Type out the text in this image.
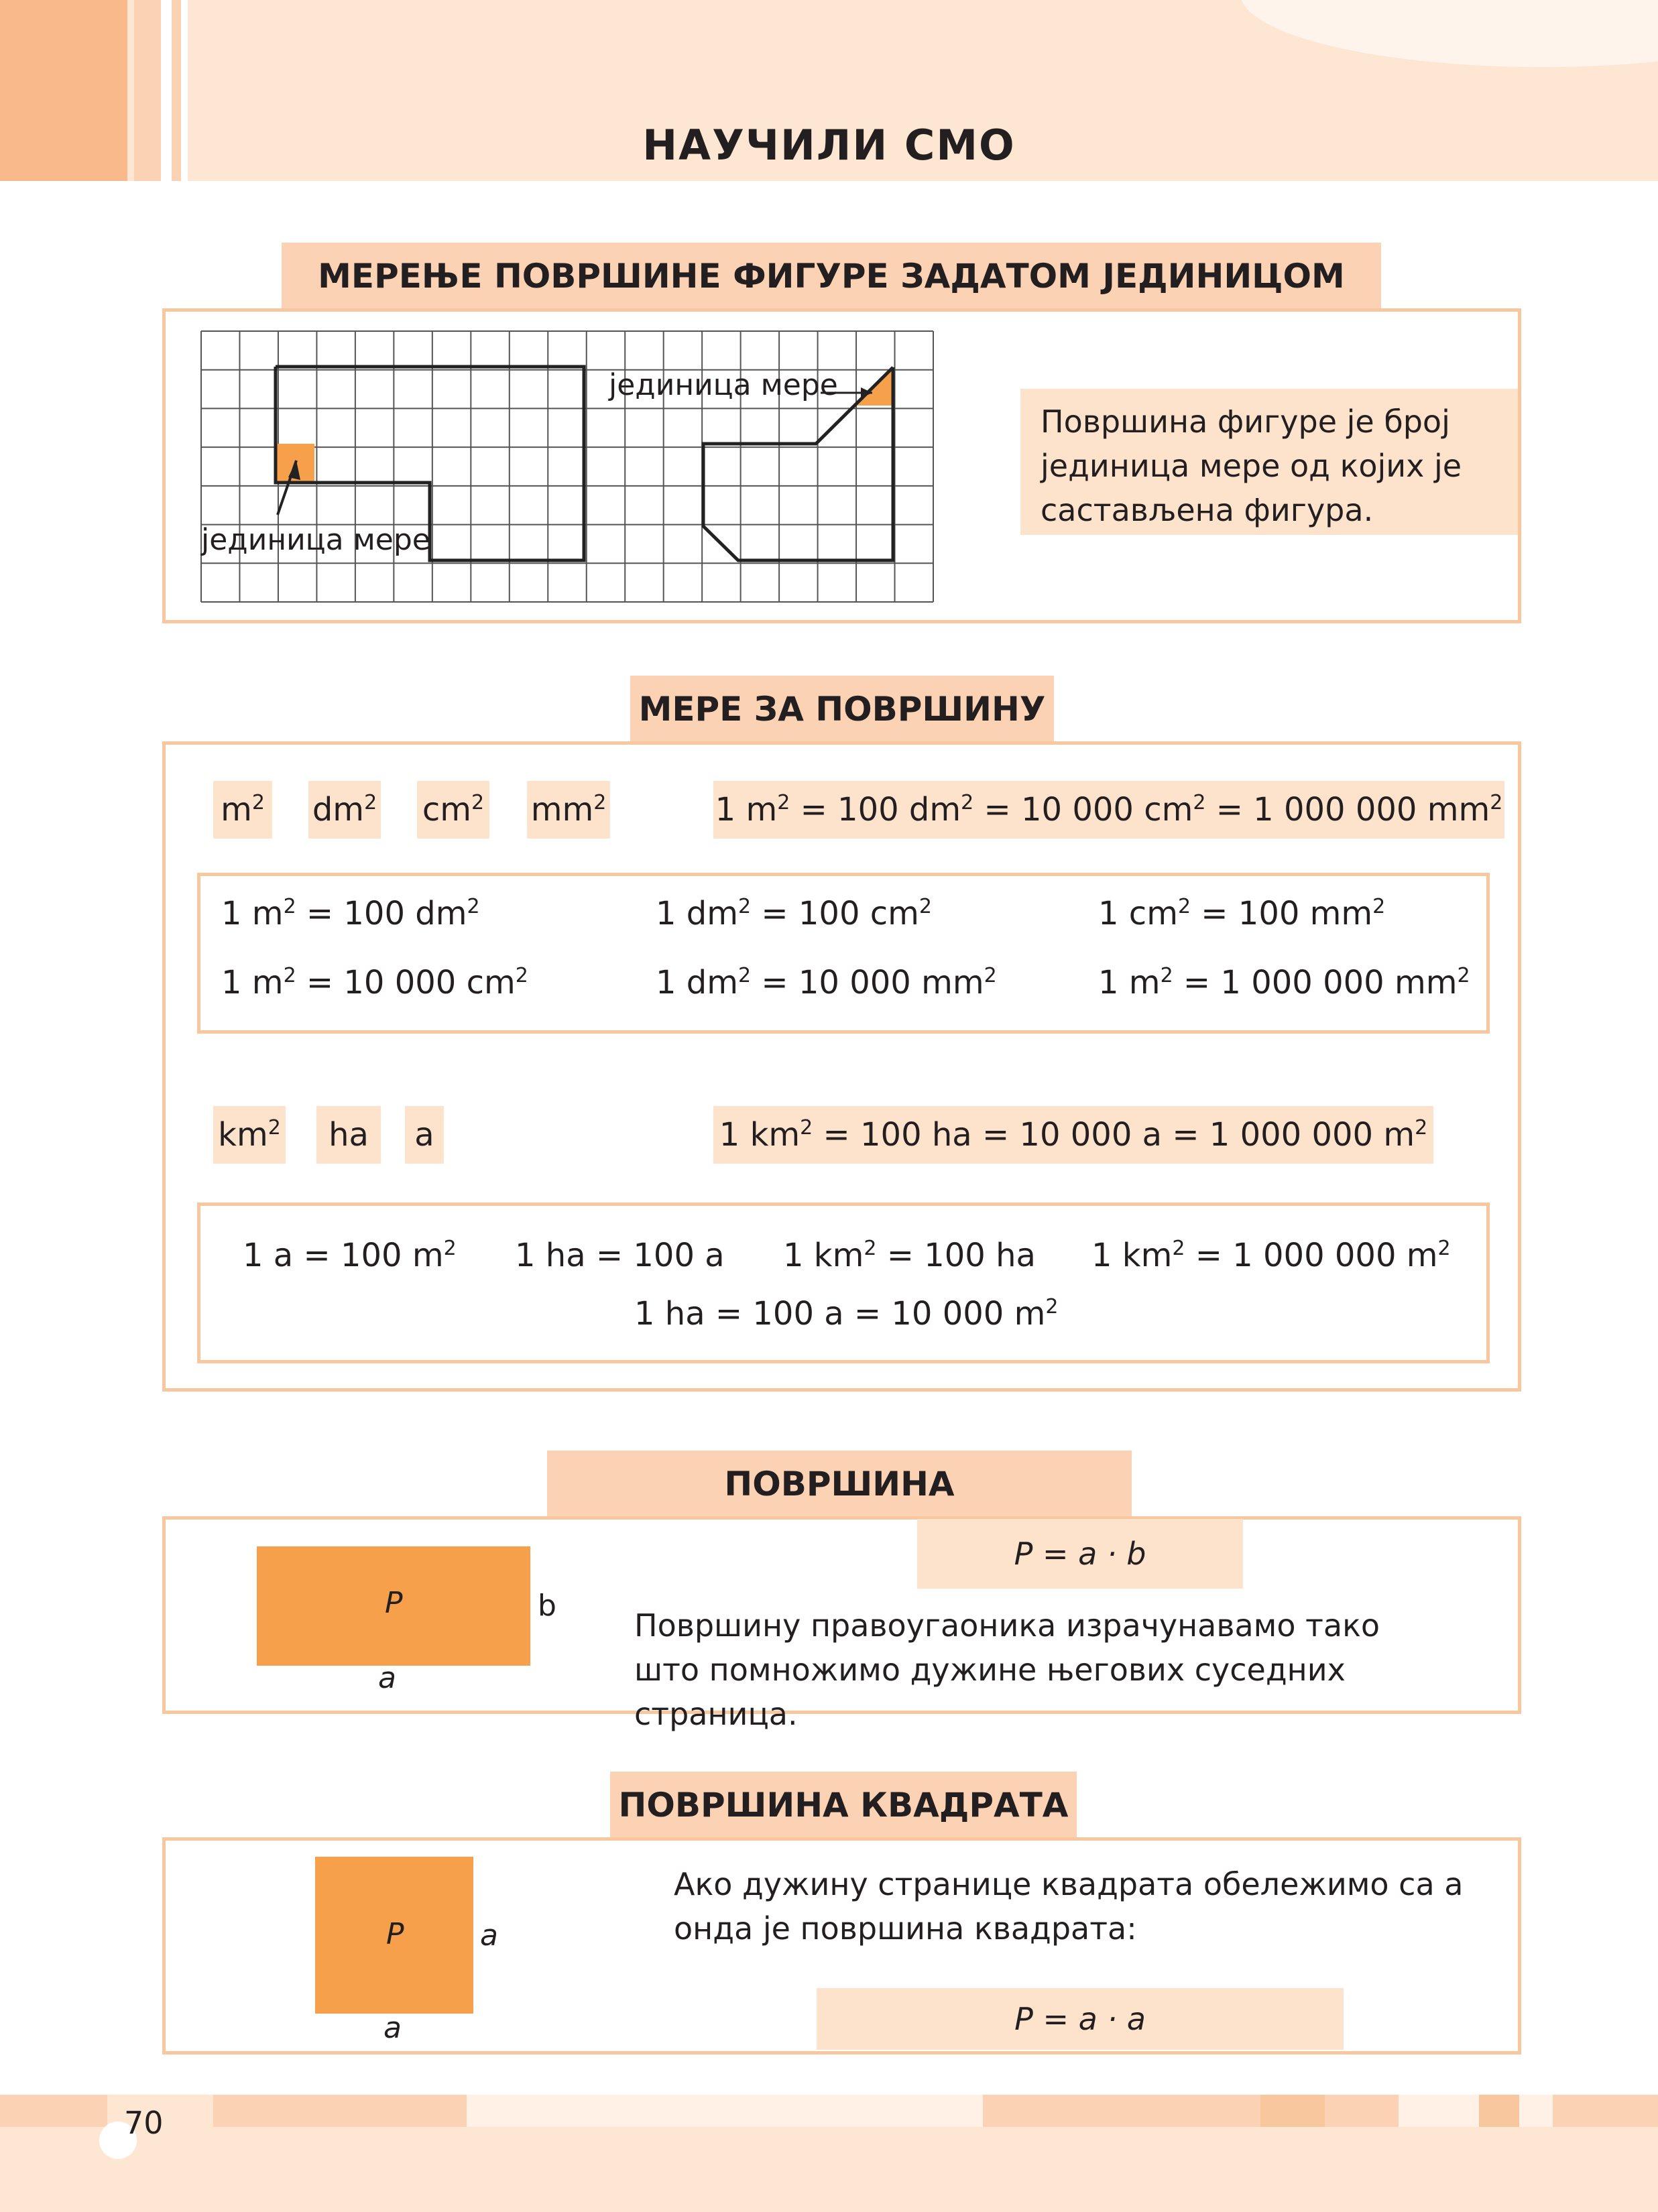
НАУЧИЛИ СМО
МЕРЕЊЕ ПОВРШИНЕ ФИГУРЕ ЗАДАТОМ ЈЕДИНИЦОМ
јединица мере
јединица мере
Површина фигуре је број јединица мере од којих је састављена фигура.
МЕРЕ ЗА ПОВРШИНУ
$m^2$ $dm^2$ $cm^2$ $mm^2$	1 $m^2 = 100$ $dm^2 = 10$ 000 $cm^2 = 1$ 000 000 $mm^2$
1 $m^2 = 100$ $dm^2$	1 $dm^2 = 100$ $cm^2$	1 $cm^2 = 100$ $mm^2$
1 $m^2 = 10$ 000 $cm^2$	1 $dm^2 = 10$ 000 $mm^2$	1 $m^2 = 1$ 000 000 $mm^2$
$km^2$	ha	a	1 $km^2 = 100$ ha = 10 000 a = 1 000 000 $m^2$
1 a = 100 $m^2$ 1 ha = 100 a 1 $km^2 = 100$ ha 1 $km^2 = 1$ 000 000 $m^2$
1 ha = 100 a = 10 000 $m^2$
ПОВРШИНА
P = a · b
P	b
a
Површину правоугаоника израчунавамо тако што помножимо дужине његових суседних страница.
ПОВРШИНА КВАДРАТА
P	a
a
Ако дужину странице квадрата обележимо са a онда је површина квадрата:
P = a · a
70
